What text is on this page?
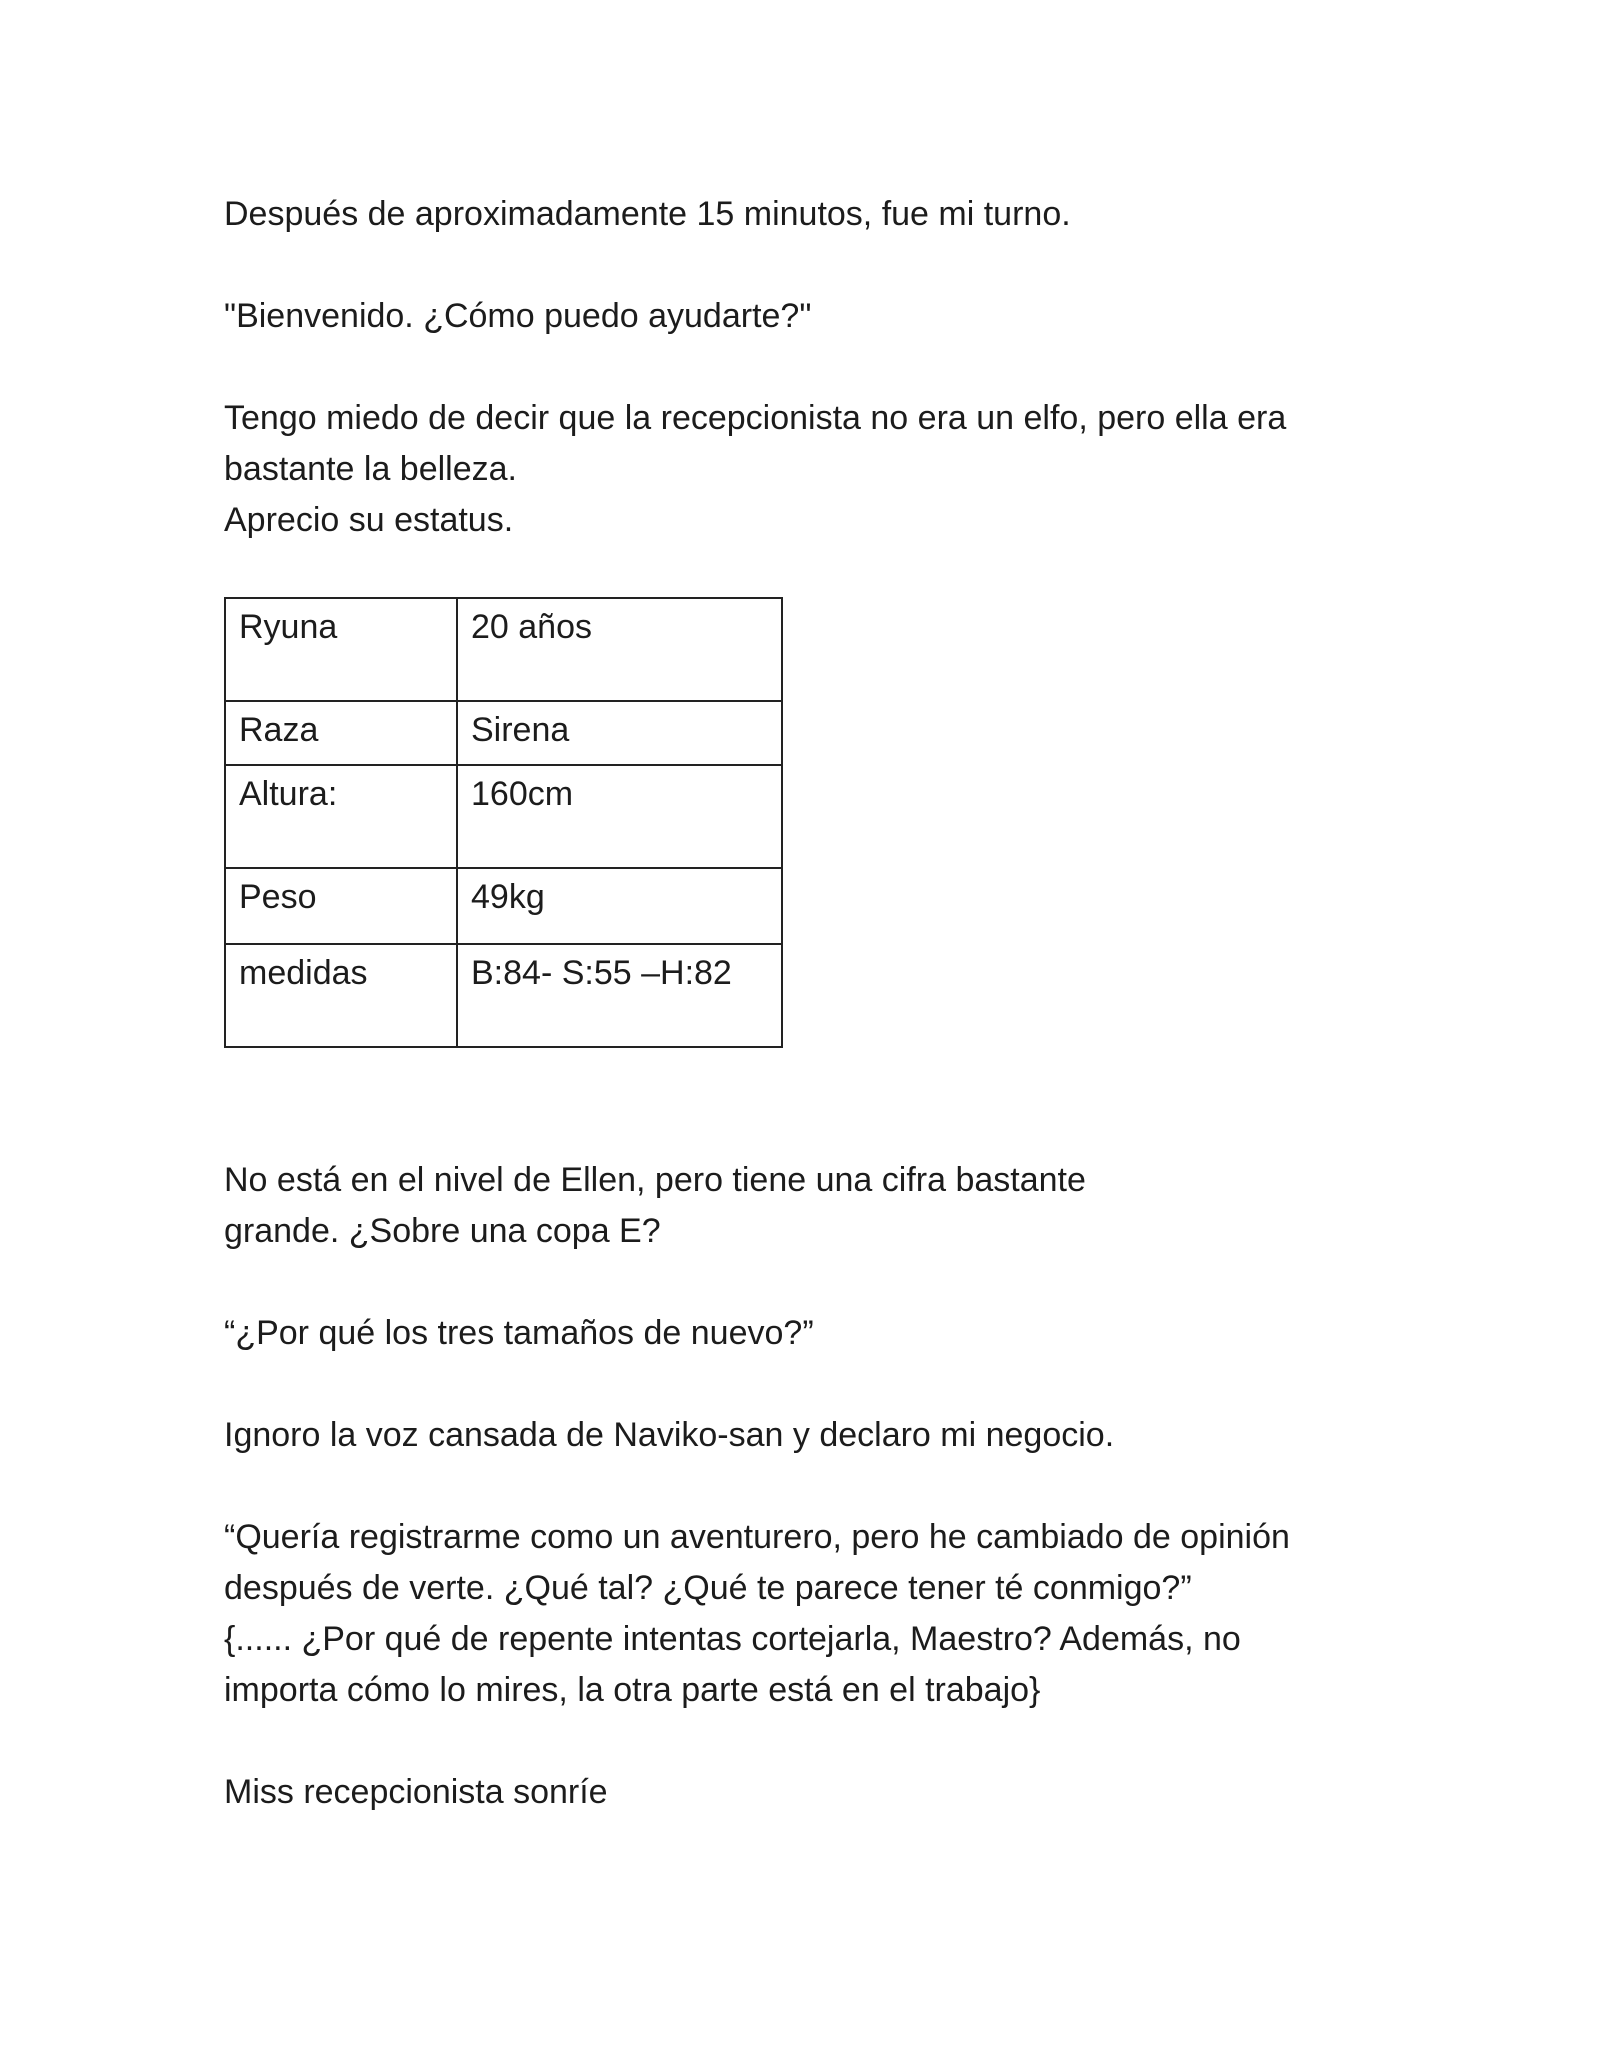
Después de aproximadamente 15 minutos, fue mi turno.

"Bienvenido. ¿Cómo puedo ayudarte?"

Tengo miedo de decir que la recepcionista no era un elfo, pero ella era

bastante la belleza.

Aprecio su estatus.

Ryuna	20 años
Raza	Sirena
Altura:	160cm
Peso	49kg
medidas	B:84- S:55 –H:82

No está en el nivel de Ellen, pero tiene una cifra bastante

grande. ¿Sobre una copa E?

“¿Por qué los tres tamaños de nuevo?”

Ignoro la voz cansada de Naviko-san y declaro mi negocio.

“Quería registrarme como un aventurero, pero he cambiado de opinión

después de verte. ¿Qué tal? ¿Qué te parece tener té conmigo?”

{...... ¿Por qué de repente intentas cortejarla, Maestro? Además, no

importa cómo lo mires, la otra parte está en el trabajo}

Miss recepcionista sonríe
